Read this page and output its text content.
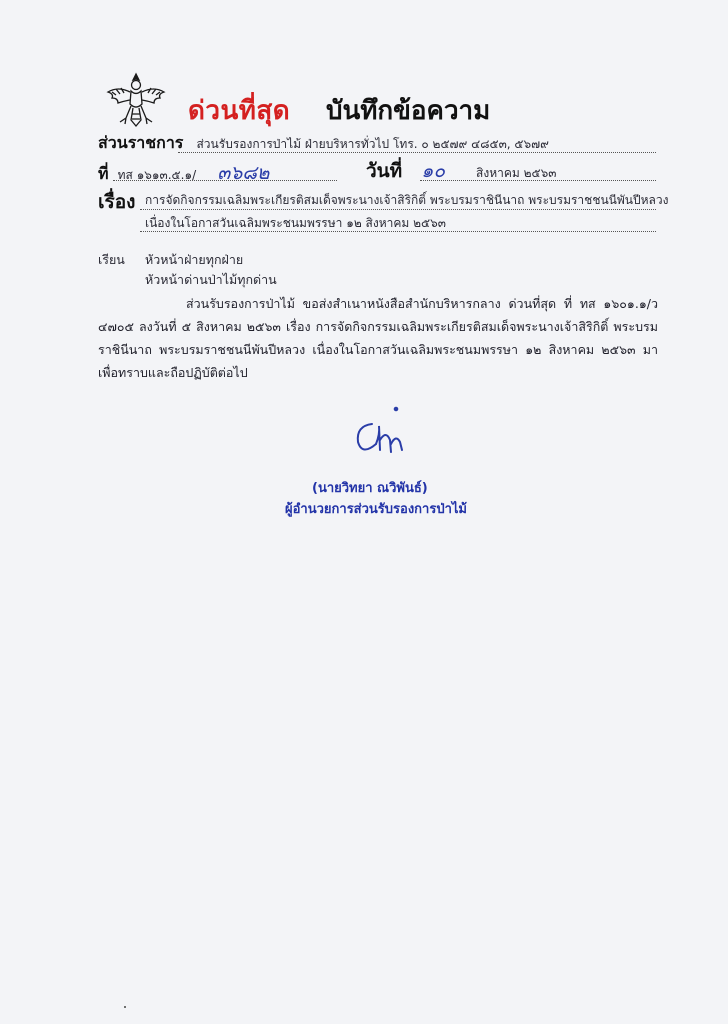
ด่วนที่สุด บันทึกข้อความ
ส่วนราชการ ส่วนรับรองการป่าไม้ ฝ่ายบริหารทั่วไป โทร. ๐ ๒๕๗๙ ๔๘๕๓, ๕๖๗๙
ที่ ทส ๑๖๑๓.๕.๑/ ๓๖๘๒	วันที่ ๑๐	สิงหาคม ๒๕๖๓
เรื่อง การจัดกิจกรรมเฉลิมพระเกียรติสมเด็จพระนางเจ้าสิริกิติ์ พระบรมราชินีนาถ พระบรมราชชนนีพันปีหลวง
เนื่องในโอกาสวันเฉลิมพระชนมพรรษา ๑๒ สิงหาคม ๒๕๖๓
เรียน หัวหน้าฝ่ายทุกฝ่าย
หัวหน้าด่านป่าไม้ทุกด่าน
ส่วนรับรองการป่าไม้ ขอส่งสำเนาหนังสือสำนักบริหารกลาง ด่วนที่สุด ที่ ทส ๑๖๐๑.๑/ว ๔๗๐๕ ลงวันที่ ๕ สิงหาคม ๒๕๖๓ เรื่อง การจัดกิจกรรมเฉลิมพระเกียรติสมเด็จพระนางเจ้าสิริกิติ์ พระบรมราชินีนาถ พระบรมราชชนนีพันปีหลวง เนื่องในโอกาสวันเฉลิมพระชนมพรรษา ๑๒ สิงหาคม ๒๕๖๓ มาเพื่อทราบและถือปฏิบัติต่อไป
(นายวิทยา ณวิพันธ์)
ผู้อำนวยการส่วนรับรองการป่าไม้
